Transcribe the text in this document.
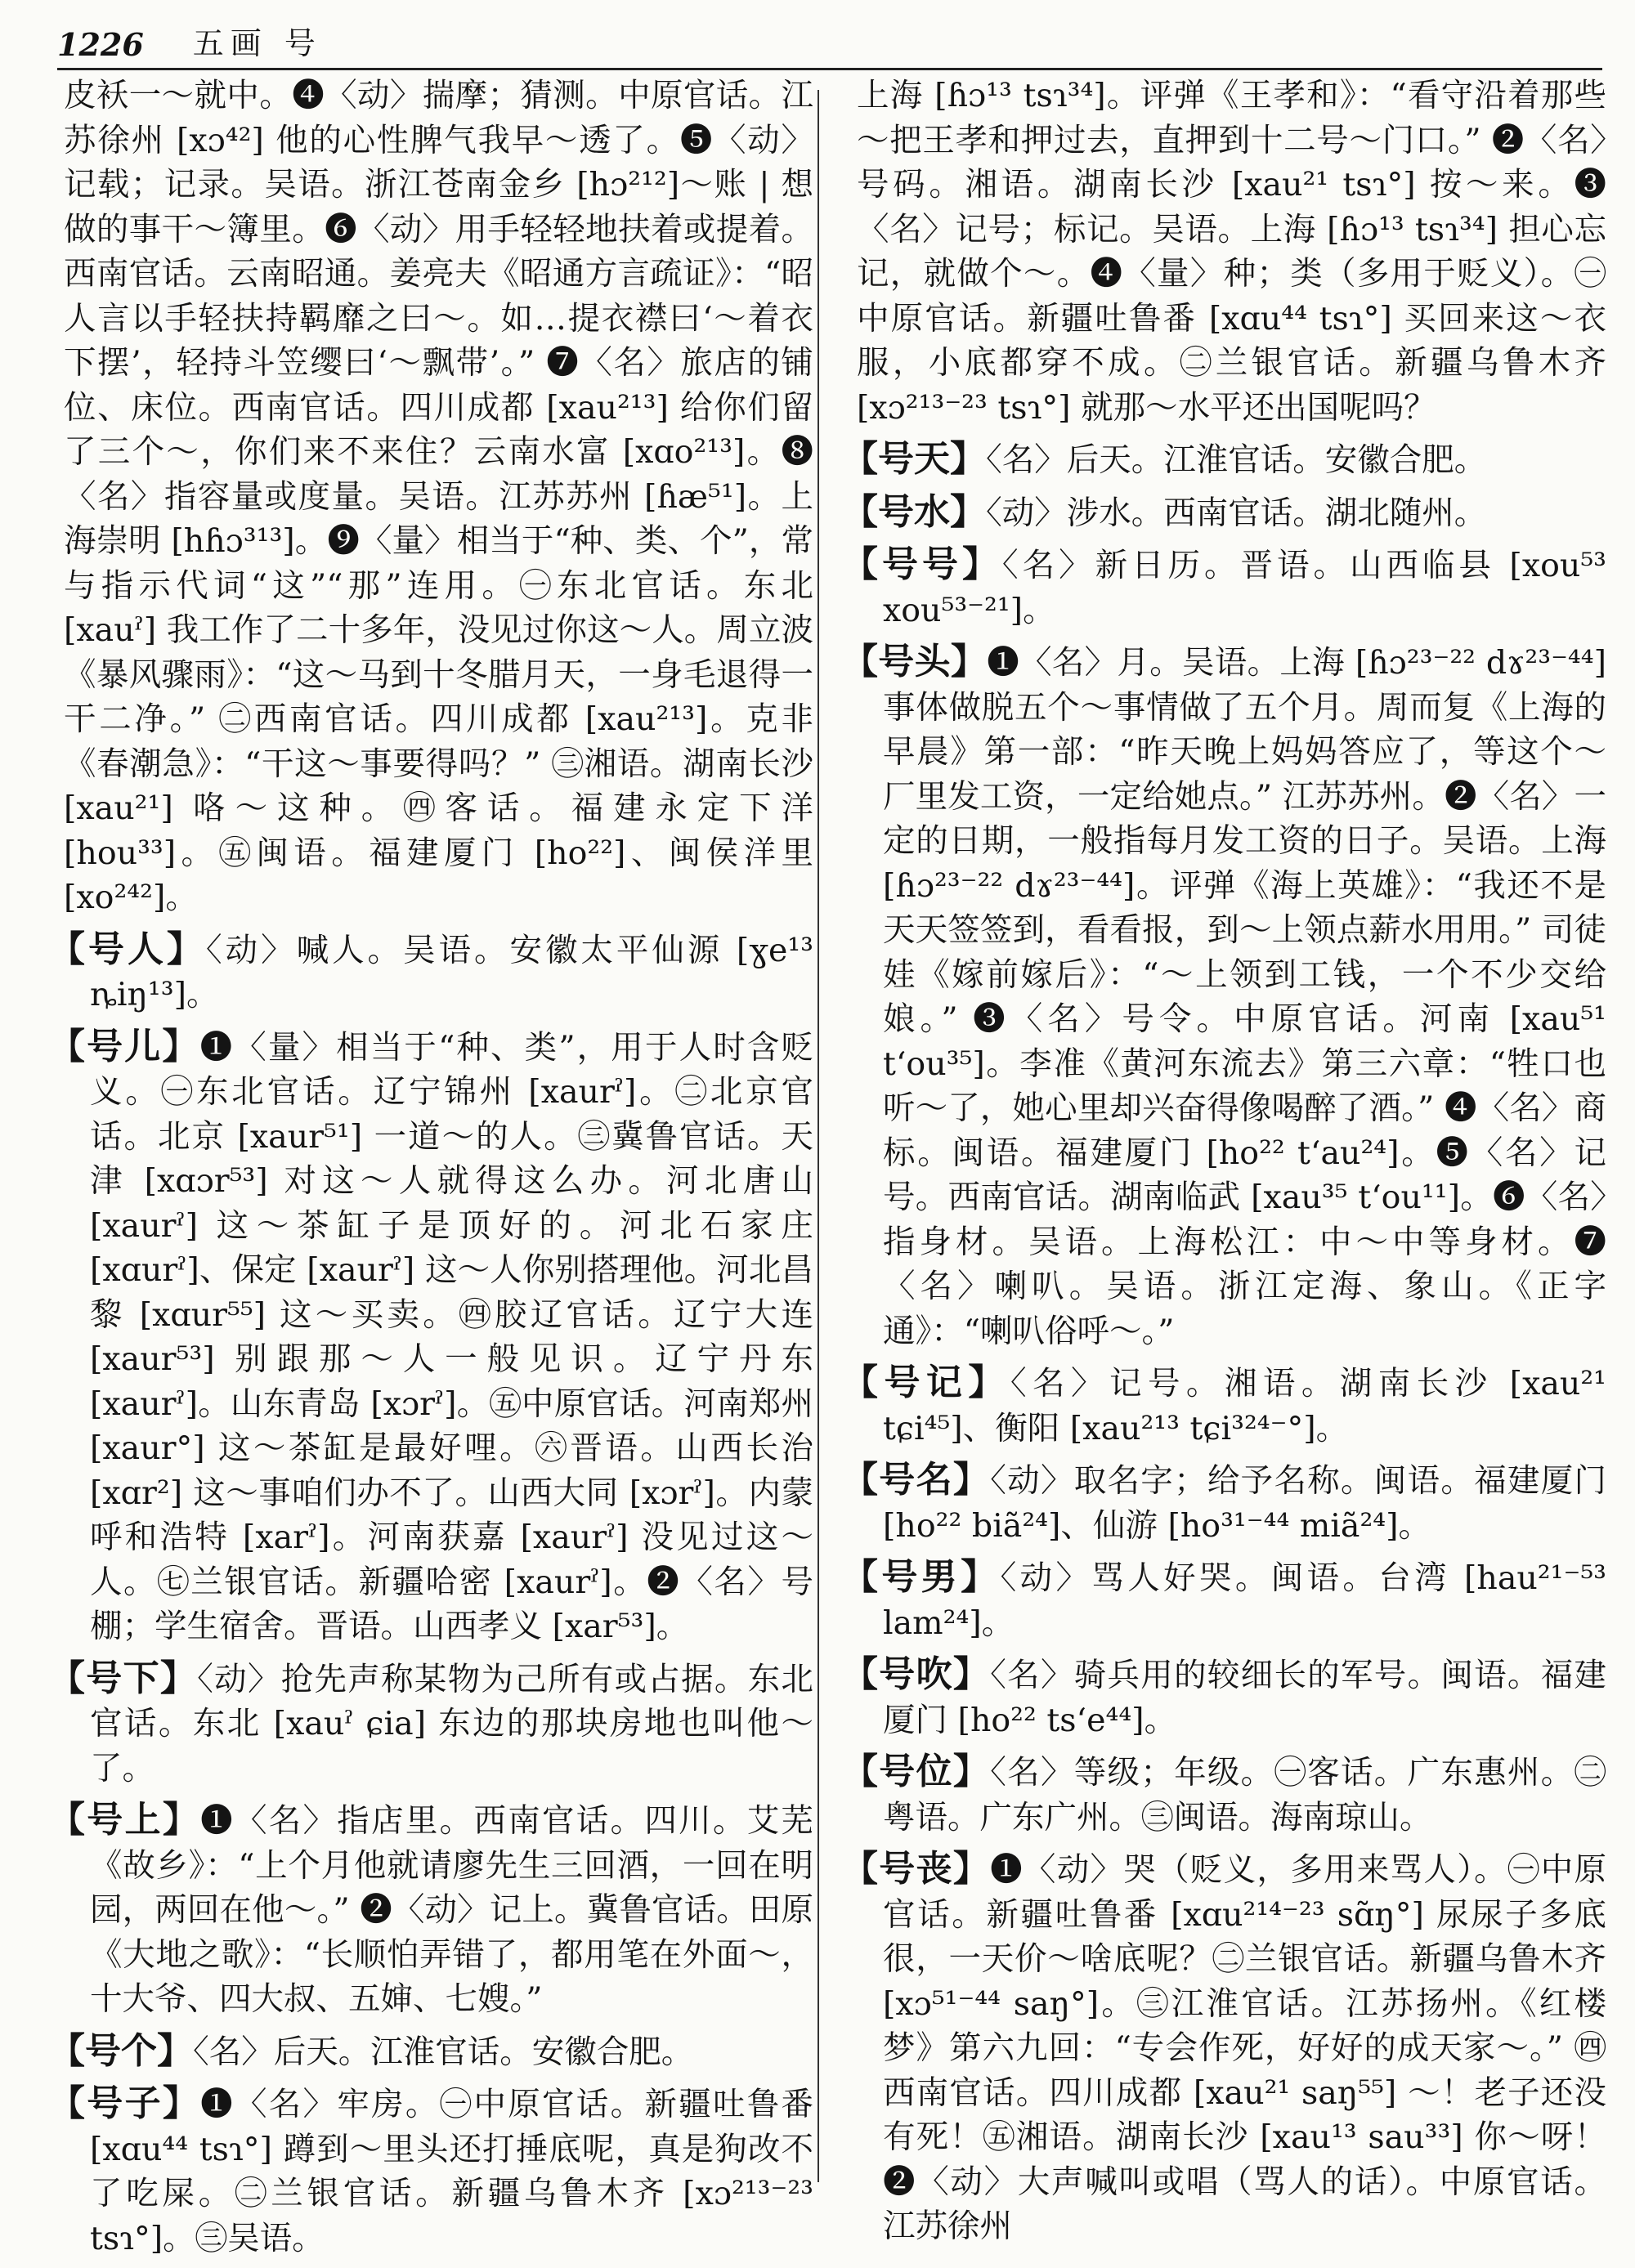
1226 五画 号

皮袄一～就中。❹〈动〉揣摩；猜测。中原官话。江苏徐州 [xɔ⁴²] 他的心性脾气我早～透了。❺〈动〉记载；记录。吴语。浙江苍南金乡 [hɔ²¹²]～账 | 想做的事干～簿里。❻〈动〉用手轻轻地扶着或提着。西南官话。云南昭通。姜亮夫《昭通方言疏证》：“昭人言以手轻扶持羁靡之曰～。如…提衣襟曰‘～着衣下摆’，轻持斗笠缨曰‘～飘带’。” ❼〈名〉旅店的铺位、床位。西南官话。四川成都 [xau²¹³] 给你们留了三个～，你们来不来住？云南水富 [xɑo²¹³]。❽〈名〉指容量或度量。吴语。江苏苏州 [ɦæ⁵¹]。上海崇明 [hɦɔ³¹³]。❾〈量〉相当于“种、类、个”，常与指示代词“这”“那”连用。㊀东北官话。东北 [xauˀ] 我工作了二十多年，没见过你这～人。周立波《暴风骤雨》：“这～马到十冬腊月天，一身毛退得一干二净。” ㊁西南官话。四川成都 [xau²¹³]。克非《春潮急》：“干这～事要得吗？” ㊂湘语。湖南长沙 [xau²¹] 咯～这种。㊃客话。福建永定下洋 [hou³³]。㊄闽语。福建厦门 [ho²²]、闽侯洋里 [xo²⁴²]。

【号人】〈动〉喊人。吴语。安徽太平仙源 [ɣe¹³ ȵiŋ¹³]。

【号儿】❶〈量〉相当于“种、类”，用于人时含贬义。㊀东北官话。辽宁锦州 [xaurˀ]。㊁北京官话。北京 [xaur⁵¹] 一道～的人。㊂冀鲁官话。天津 [xɑɔr⁵³] 对这～人就得这么办。河北唐山 [xaurˀ] 这～茶缸子是顶好的。河北石家庄 [xɑurˀ]、保定 [xaurˀ] 这～人你别搭理他。河北昌黎 [xɑur⁵⁵] 这～买卖。㊃胶辽官话。辽宁大连 [xaur⁵³] 别跟那～人一般见识。辽宁丹东 [xaurˀ]。山东青岛 [xɔrˀ]。㊄中原官话。河南郑州 [xaur°] 这～茶缸是最好哩。㊅晋语。山西长治 [xɑr²] 这～事咱们办不了。山西大同 [xɔrˀ]。内蒙呼和浩特 [xarˀ]。河南获嘉 [xaurˀ] 没见过这～人。㊆兰银官话。新疆哈密 [xaurˀ]。❷〈名〉号棚；学生宿舍。晋语。山西孝义 [xar⁵³]。

【号下】〈动〉抢先声称某物为己所有或占据。东北官话。东北 [xauˀ ɕia] 东边的那块房地也叫他～了。

【号上】❶〈名〉指店里。西南官话。四川。艾芜《故乡》：“上个月他就请廖先生三回酒，一回在明园，两回在他～。” ❷〈动〉记上。冀鲁官话。田原《大地之歌》：“长顺怕弄错了，都用笔在外面～，十大爷、四大叔、五婶、七嫂。”

【号个】〈名〉后天。江淮官话。安徽合肥。

【号子】❶〈名〉牢房。㊀中原官话。新疆吐鲁番 [xɑu⁴⁴ tsɿ°] 蹲到～里头还打捶底呢，真是狗改不了吃屎。㊁兰银官话。新疆乌鲁木齐 [xɔ²¹³⁻²³ tsɿ°]。㊂吴语。

上海 [ɦɔ¹³ tsɿ³⁴]。评弹《王孝和》：“看守沿着那些～把王孝和押过去，直押到十二号～门口。” ❷〈名〉号码。湘语。湖南长沙 [xau²¹ tsɿ°] 按～来。❸〈名〉记号；标记。吴语。上海 [ɦɔ¹³ tsɿ³⁴] 担心忘记，就做个～。❹〈量〉种；类（多用于贬义）。㊀中原官话。新疆吐鲁番 [xɑu⁴⁴ tsɿ°] 买回来这～衣服，小底都穿不成。㊁兰银官话。新疆乌鲁木齐 [xɔ²¹³⁻²³ tsɿ°] 就那～水平还出国呢吗？

【号天】〈名〉后天。江淮官话。安徽合肥。

【号水】〈动〉涉水。西南官话。湖北随州。

【号号】〈名〉新日历。晋语。山西临县 [xou⁵³ xou⁵³⁻²¹]。

【号头】❶〈名〉月。吴语。上海 [ɦɔ²³⁻²² dɤ²³⁻⁴⁴] 事体做脱五个～事情做了五个月。周而复《上海的早晨》第一部：“昨天晚上妈妈答应了，等这个～厂里发工资，一定给她点。” 江苏苏州。❷〈名〉一定的日期，一般指每月发工资的日子。吴语。上海 [ɦɔ²³⁻²² dɤ²³⁻⁴⁴]。评弹《海上英雄》：“我还不是天天签签到，看看报，到～上领点薪水用用。” 司徒娃《嫁前嫁后》：“～上领到工钱，一个不少交给娘。” ❸〈名〉号令。中原官话。河南 [xau⁵¹ tʻou³⁵]。李准《黄河东流去》第三六章：“牲口也听～了，她心里却兴奋得像喝醉了酒。” ❹〈名〉商标。闽语。福建厦门 [ho²² tʻau²⁴]。❺〈名〉记号。西南官话。湖南临武 [xau³⁵ tʻou¹¹]。❻〈名〉指身材。吴语。上海松江：中～中等身材。❼〈名〉喇叭。吴语。浙江定海、象山。《正字通》：“喇叭俗呼～。”

【号记】〈名〉记号。湘语。湖南长沙 [xau²¹ tɕi⁴⁵]、衡阳 [xau²¹³ tɕi³²⁴⁻°]。

【号名】〈动〉取名字；给予名称。闽语。福建厦门 [ho²² biã²⁴]、仙游 [ho³¹⁻⁴⁴ miã²⁴]。

【号男】〈动〉骂人好哭。闽语。台湾 [hau²¹⁻⁵³ lam²⁴]。

【号吹】〈名〉骑兵用的较细长的军号。闽语。福建厦门 [ho²² tsʻe⁴⁴]。

【号位】〈名〉等级；年级。㊀客话。广东惠州。㊁粤语。广东广州。㊂闽语。海南琼山。

【号丧】❶〈动〉哭（贬义，多用来骂人）。㊀中原官话。新疆吐鲁番 [xɑu²¹⁴⁻²³ sɑ̃ŋ°] 尿尿子多底很，一天价～啥底呢？㊁兰银官话。新疆乌鲁木齐 [xɔ⁵¹⁻⁴⁴ saŋ°]。㊂江淮官话。江苏扬州。《红楼梦》第六九回：“专会作死，好好的成天家～。” ㊃西南官话。四川成都 [xau²¹ saŋ⁵⁵] ～！老子还没有死！㊄湘语。湖南长沙 [xau¹³ sau³³] 你～呀！❷〈动〉大声喊叫或唱（骂人的话）。中原官话。江苏徐州
